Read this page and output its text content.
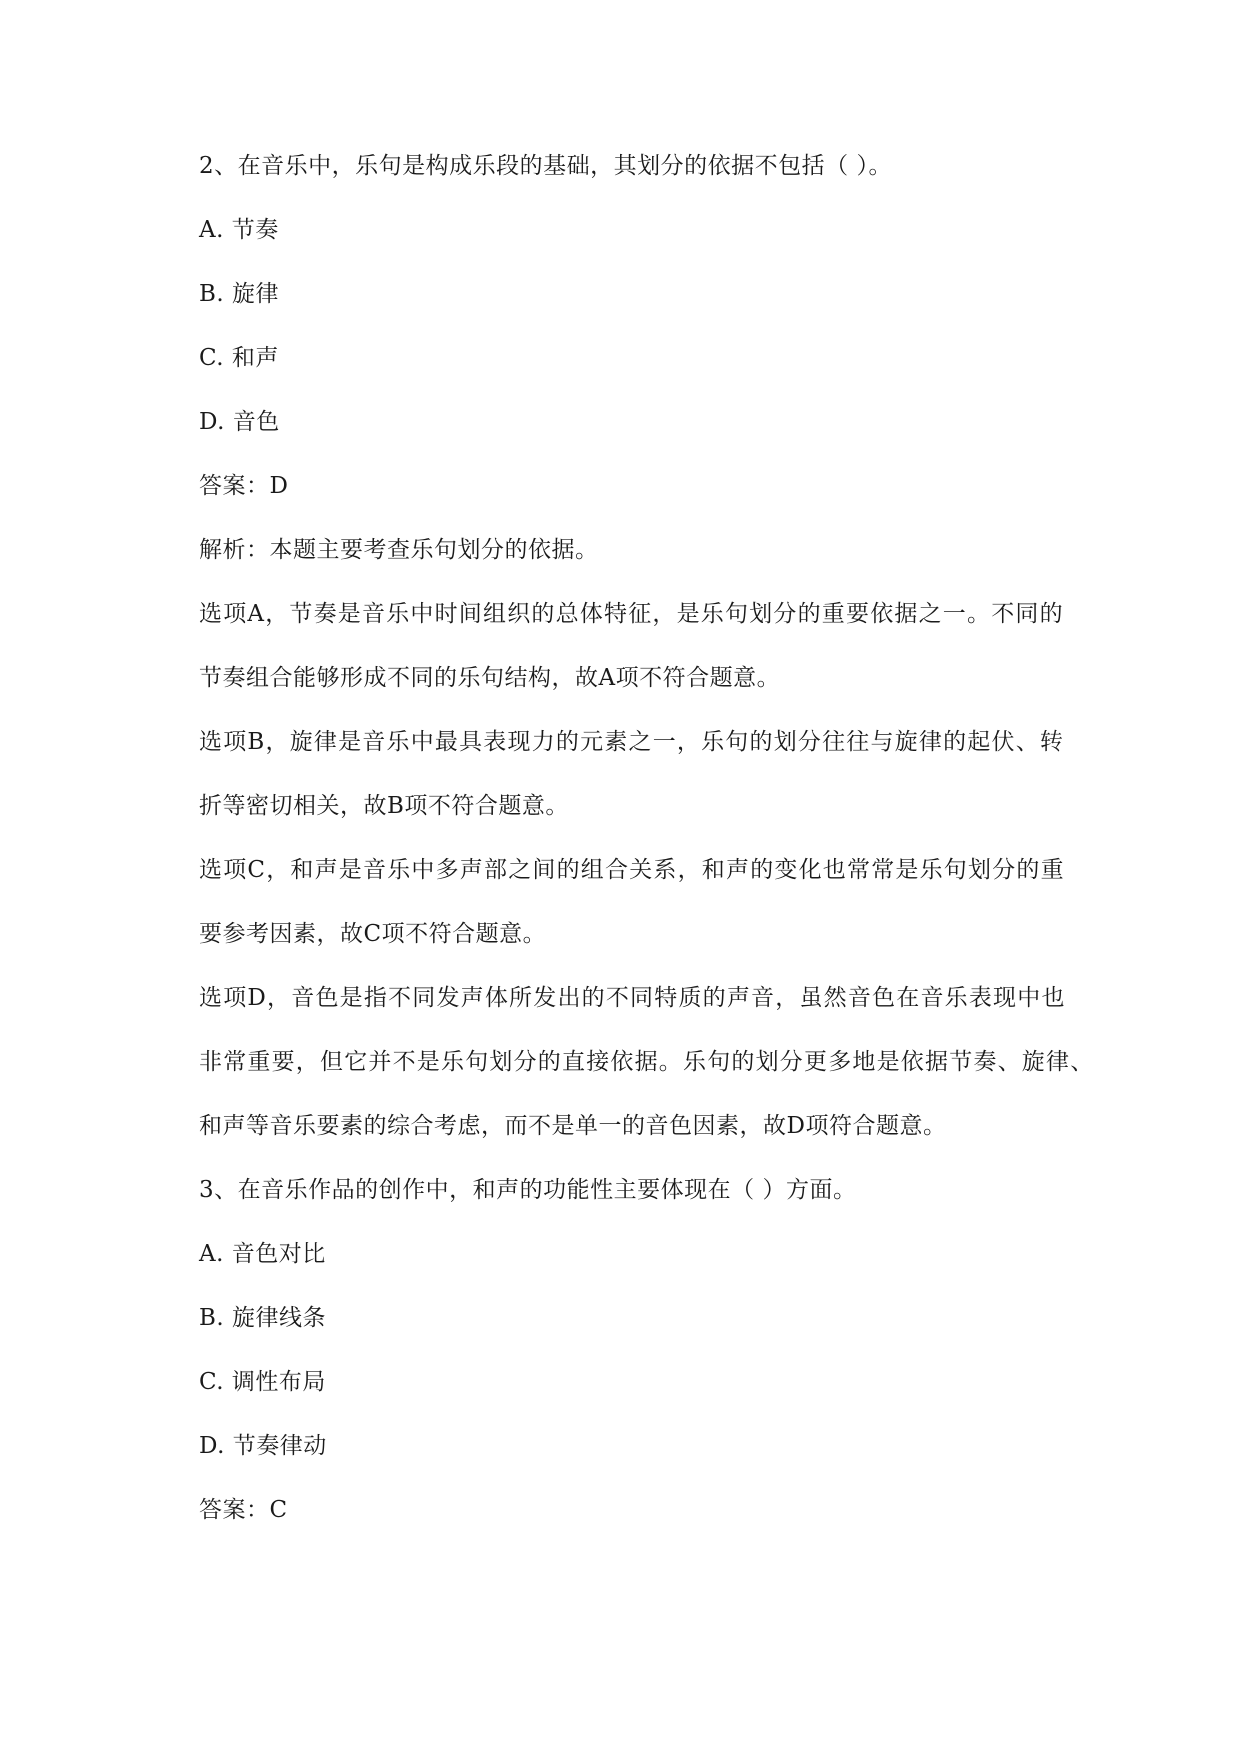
2、在音乐中，乐句是构成乐段的基础，其划分的依据不包括（ ）。
A. 节奏
B. 旋律
C. 和声
D. 音色
答案：D
解析：本题主要考查乐句划分的依据。
选项A，节奏是音乐中时间组织的总体特征，是乐句划分的重要依据之一。不同的
节奏组合能够形成不同的乐句结构，故A项不符合题意。
选项B，旋律是音乐中最具表现力的元素之一，乐句的划分往往与旋律的起伏、转
折等密切相关，故B项不符合题意。
选项C，和声是音乐中多声部之间的组合关系，和声的变化也常常是乐句划分的重
要参考因素，故C项不符合题意。
选项D，音色是指不同发声体所发出的不同特质的声音，虽然音色在音乐表现中也
非常重要，但它并不是乐句划分的直接依据。乐句的划分更多地是依据节奏、旋律、
和声等音乐要素的综合考虑，而不是单一的音色因素，故D项符合题意。
3、在音乐作品的创作中，和声的功能性主要体现在（ ）方面。
A. 音色对比
B. 旋律线条
C. 调性布局
D. 节奏律动
答案：C
